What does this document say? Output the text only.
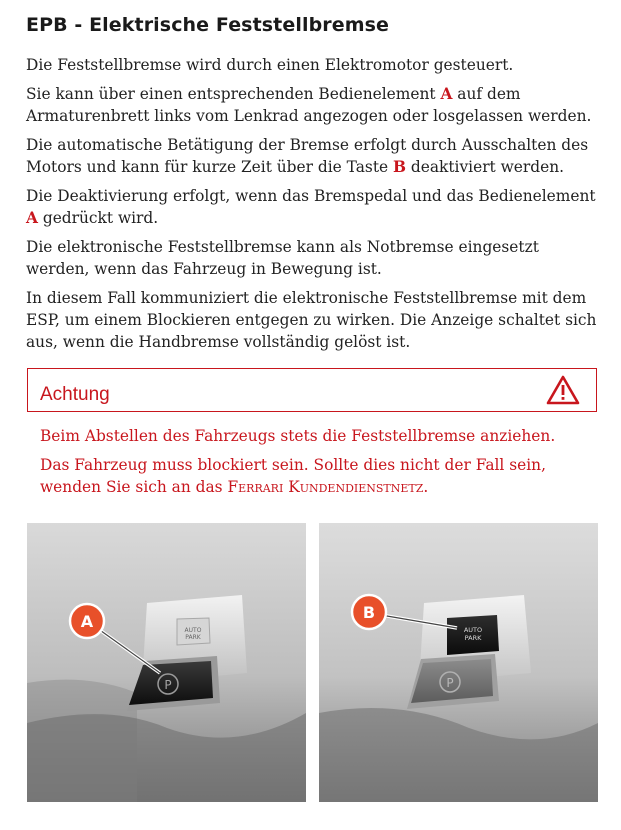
EPB - Elektrische Feststellbremse

Die Feststellbremse wird durch einen Elektromotor gesteuert.

Sie kann über einen entsprechenden Bedienelement A auf dem Armaturenbrett links vom Lenkrad angezogen oder losgelassen werden.

Die automatische Betätigung der Bremse erfolgt durch Ausschalten des Motors und kann für kurze Zeit über die Taste B deaktiviert werden.

Die Deaktivierung erfolgt, wenn das Bremspedal und das Bedienelement A gedrückt wird.

Die elektronische Feststellbremse kann als Notbremse eingesetzt werden, wenn das Fahrzeug in Bewegung ist.

In diesem Fall kommuniziert die elektronische Feststellbremse mit dem ESP, um einem Blockieren entgegen zu wirken. Die Anzeige schaltet sich aus, wenn die Handbremse vollständig gelöst ist.

Achtung

Beim Abstellen des Fahrzeugs stets die Feststellbremse anziehen.

Das Fahrzeug muss blockiert sein. Sollte dies nicht der Fall sein, wenden Sie sich an das Ferrari Kundendienstnetz.

AUTO
PARK
P
A	AUTO
PARK
P
B
